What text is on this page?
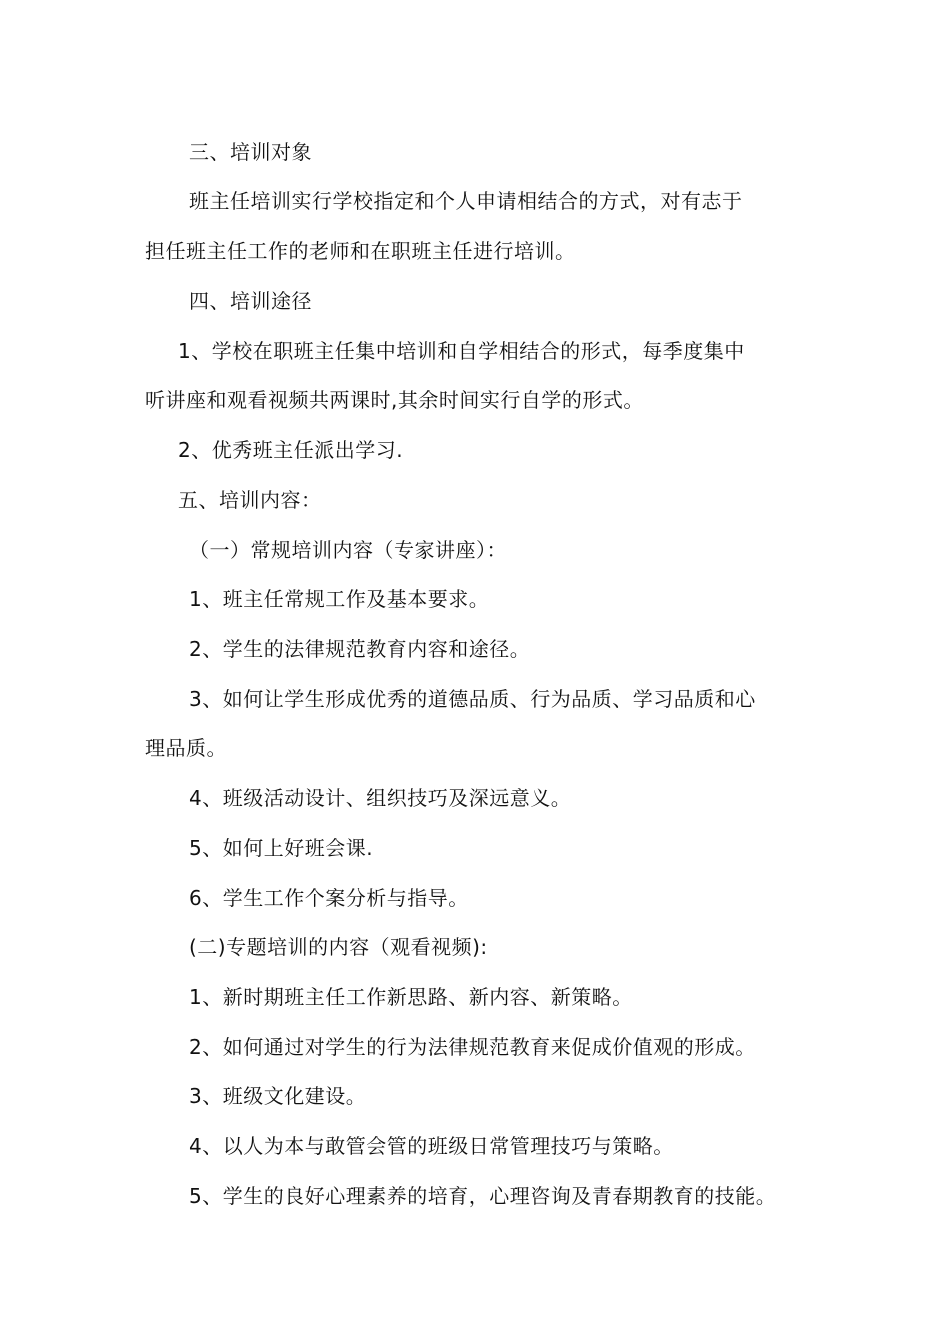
三、培训对象
班主任培训实行学校指定和个人申请相结合的方式，对有志于
担任班主任工作的老师和在职班主任进行培训。
四、培训途径
1、学校在职班主任集中培训和自学相结合的形式，每季度集中
听讲座和观看视频共两课时,其余时间实行自学的形式。
2、优秀班主任派出学习.
五、培训内容：
（一）常规培训内容（专家讲座）：
1、班主任常规工作及基本要求。
2、学生的法律规范教育内容和途径。
3、如何让学生形成优秀的道德品质、行为品质、学习品质和心
理品质。
4、班级活动设计、组织技巧及深远意义。
5、如何上好班会课.
6、学生工作个案分析与指导。
(二)专题培训的内容（观看视频):
1、新时期班主任工作新思路、新内容、新策略。
2、如何通过对学生的行为法律规范教育来促成价值观的形成。
3、班级文化建设。
4、以人为本与敢管会管的班级日常管理技巧与策略。
5、学生的良好心理素养的培育，心理咨询及青春期教育的技能。
